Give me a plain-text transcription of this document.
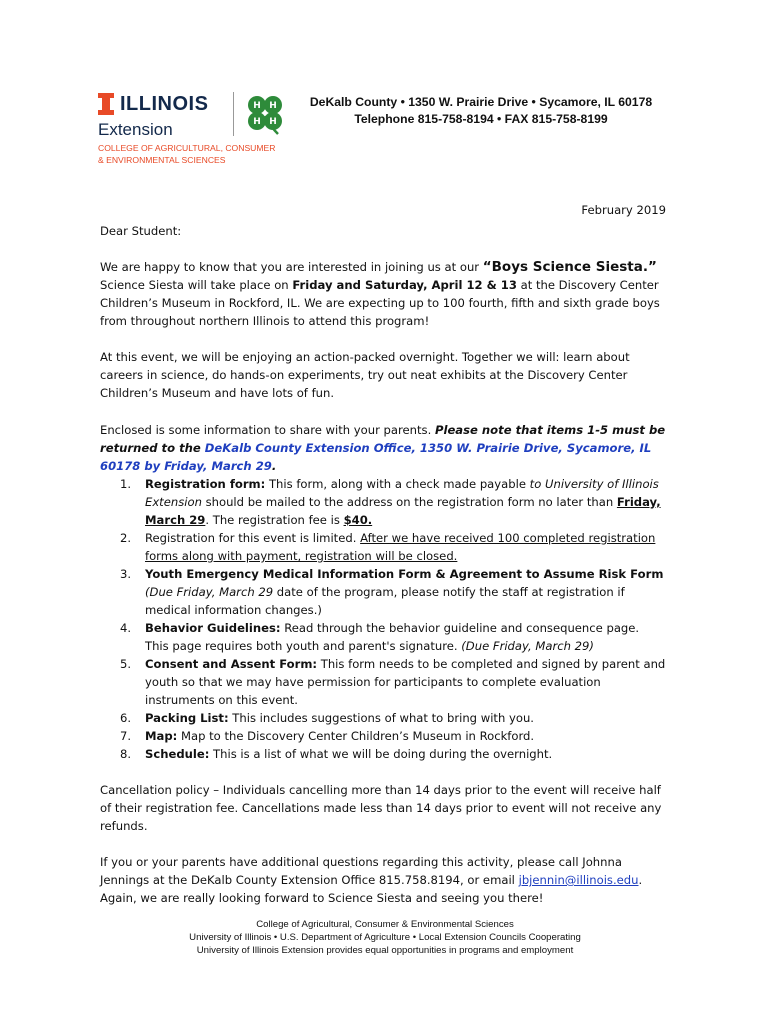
ILLINOIS
Extension
H H
H H
COLLEGE OF AGRICULTURAL, CONSUMER
& ENVIRONMENTAL SCIENCES
DeKalb County • 1350 W. Prairie Drive • Sycamore, IL 60178
Telephone 815-758-8194 • FAX 815-758-8199
February 2019
Dear Student:
We are happy to know that you are interested in joining us at our “Boys Science Siesta.”
Science Siesta will take place on Friday and Saturday, April 12 & 13 at the Discovery Center Children’s Museum in Rockford, IL. We are expecting up to 100 fourth, fifth and sixth grade boys from throughout northern Illinois to attend this program!
At this event, we will be enjoying an action-packed overnight. Together we will: learn about careers in science, do hands-on experiments, try out neat exhibits at the Discovery Center Children’s Museum and have lots of fun.
Enclosed is some information to share with your parents. Please note that items 1-5 must be returned to the DeKalb County Extension Office, 1350 W. Prairie Drive, Sycamore, IL 60178 by Friday, March 29.
1. Registration form: This form, along with a check made payable to University of Illinois Extension should be mailed to the address on the registration form no later than Friday, March 29. The registration fee is $40.
2. Registration for this event is limited. After we have received 100 completed registration forms along with payment, registration will be closed.
3. Youth Emergency Medical Information Form & Agreement to Assume Risk Form (Due Friday, March 29 date of the program, please notify the staff at registration if medical information changes.)
4. Behavior Guidelines: Read through the behavior guideline and consequence page. This page requires both youth and parent's signature. (Due Friday, March 29)
5. Consent and Assent Form: This form needs to be completed and signed by parent and youth so that we may have permission for participants to complete evaluation instruments on this event.
6. Packing List: This includes suggestions of what to bring with you.
7. Map: Map to the Discovery Center Children’s Museum in Rockford.
8. Schedule: This is a list of what we will be doing during the overnight.
Cancellation policy – Individuals cancelling more than 14 days prior to the event will receive half of their registration fee. Cancellations made less than 14 days prior to event will not receive any refunds.
If you or your parents have additional questions regarding this activity, please call Johnna Jennings at the DeKalb County Extension Office 815.758.8194, or email jbjennin@illinois.edu. Again, we are really looking forward to Science Siesta and seeing you there!
College of Agricultural, Consumer & Environmental Sciences
University of Illinois • U.S. Department of Agriculture • Local Extension Councils Cooperating
University of Illinois Extension provides equal opportunities in programs and employment
